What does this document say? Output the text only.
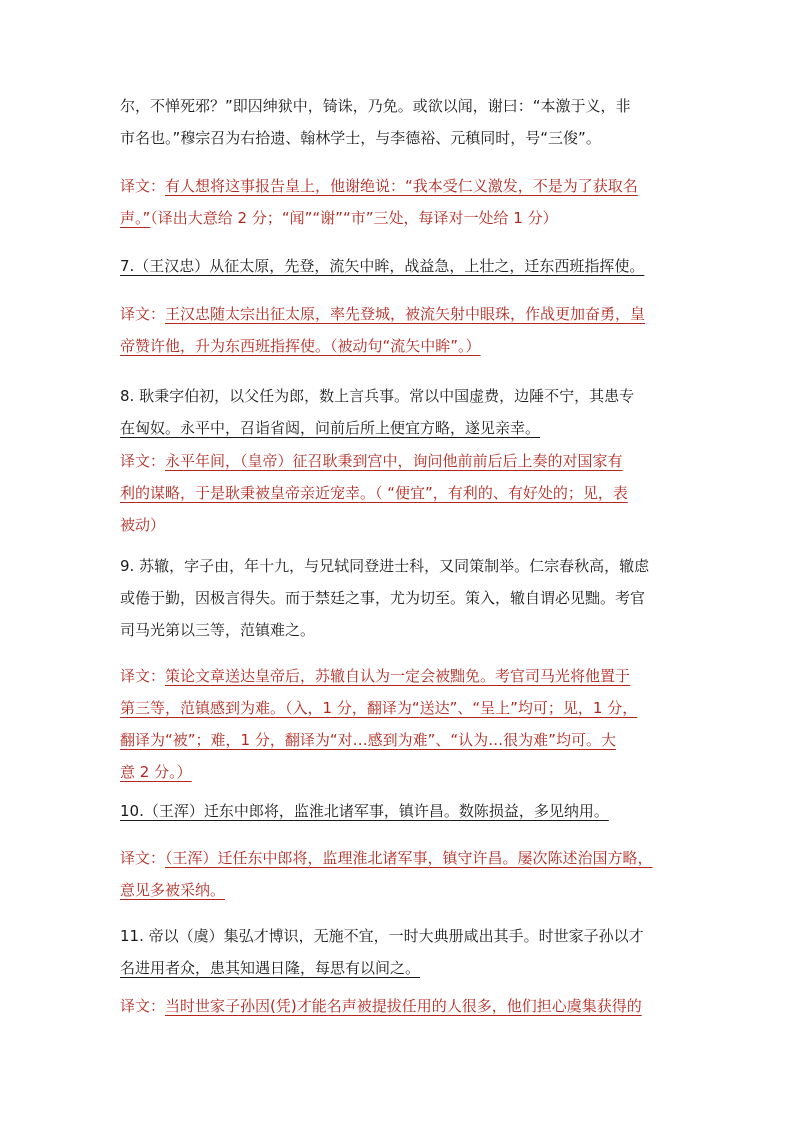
尔，不惮死邪？”即囚绅狱中，锜诛，乃免。或欲以闻，谢曰：“本激于义，非
市名也。”穆宗召为右拾遗、翰林学士，与李德裕、元稹同时，号“三俊”。
译文：有人想将这事报告皇上，他谢绝说：“我本受仁义激发，不是为了获取名
声。”（译出大意给 2 分；“闻”“谢”“市”三处，每译对一处给 1 分）
7.（王汉忠）从征太原，先登，流矢中眸，战益急，上壮之，迁东西班指挥使。
译文：王汉忠随太宗出征太原，率先登城，被流矢射中眼珠，作战更加奋勇，皇
帝赞许他，升为东西班指挥使。（被动句“流矢中眸”。）
8. 耿秉字伯初，以父任为郎，数上言兵事。常以中国虚费，边陲不宁，其患专
在匈奴。永平中，召诣省闼，问前后所上便宜方略，遂见亲幸。
译文：永平年间，（皇帝）征召耿秉到宫中，询问他前前后后上奏的对国家有
利的谋略，于是耿秉被皇帝亲近宠幸。（ “便宜”，有利的、有好处的；见，表
被动）
9. 苏辙，字子由，年十九，与兄轼同登进士科，又同策制举。仁宗春秋高，辙虑
或倦于勤，因极言得失。而于禁廷之事，尤为切至。策入，辙自谓必见黜。考官
司马光第以三等，范镇难之。
译文：策论文章送达皇帝后，苏辙自认为一定会被黜免。考官司马光将他置于
第三等，范镇感到为难。（入，1 分，翻译为“送达”、“呈上”均可；见，1 分，
翻译为“被”；难，1 分，翻译为“对…感到为难”、“认为…很为难”均可。大
意 2 分。）
10.（王浑）迁东中郎将，监淮北诸军事，镇许昌。数陈损益，多见纳用。
译文：（王浑）迁任东中郎将，监理淮北诸军事，镇守许昌。屡次陈述治国方略，
意见多被采纳。
11. 帝以（虞）集弘才博识，无施不宜，一时大典册咸出其手。时世家子孙以才
名进用者众，患其知遇日隆，每思有以间之。
译文：当时世家子孙因(凭)才能名声被提拔任用的人很多，他们担心虞集获得的
